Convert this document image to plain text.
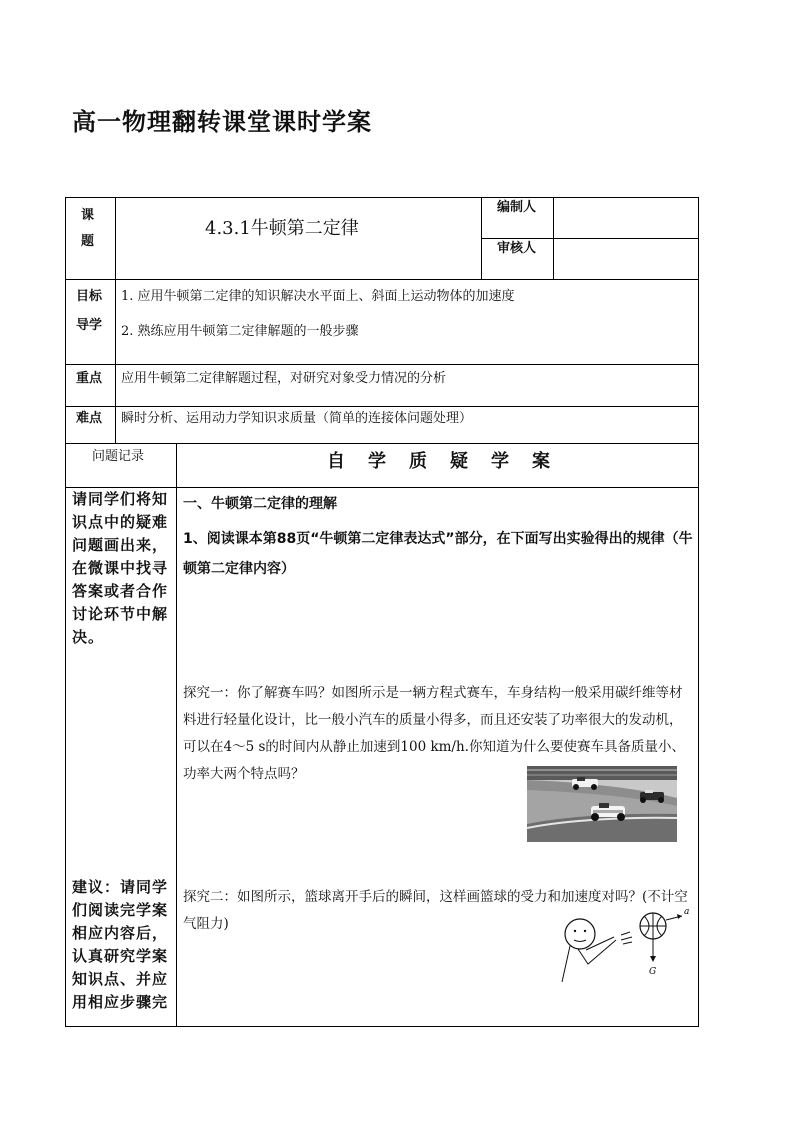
高一物理翻转课堂课时学案
课
题
4.3.1牛顿第二定律
编制人
审核人
目标
导学
1. 应用牛顿第二定律的知识解决水平面上、斜面上运动物体的加速度
2. 熟练应用牛顿第二定律解题的一般步骤
重点 应用牛顿第二定律解题过程，对研究对象受力情况的分析
难点 瞬时分析、运用动力学知识求质量（简单的连接体问题处理）
问题记录	自学质疑学案
请同学们将知识点中的疑难问题画出来，在微课中找寻答案或者合作讨论环节中解决。
建议：请同学们阅读完学案相应内容后，认真研究学案知识点、并应用相应步骤完
一、牛顿第二定律的理解
1、阅读课本第88页“牛顿第二定律表达式”部分，在下面写出实验得出的规律（牛顿第二定律内容）
探究一：你了解赛车吗？如图所示是一辆方程式赛车，车身结构一般采用碳纤维等材料进行轻量化设计，比一般小汽车的质量小得多，而且还安装了功率很大的发动机，可以在4～5 s的时间内从静止加速到100 km/h.你知道为什么要使赛车具备质量小、功率大两个特点吗？
探究二：如图所示，篮球离开手后的瞬间，这样画篮球的受力和加速度对吗？(不计空气阻力)
a
G
